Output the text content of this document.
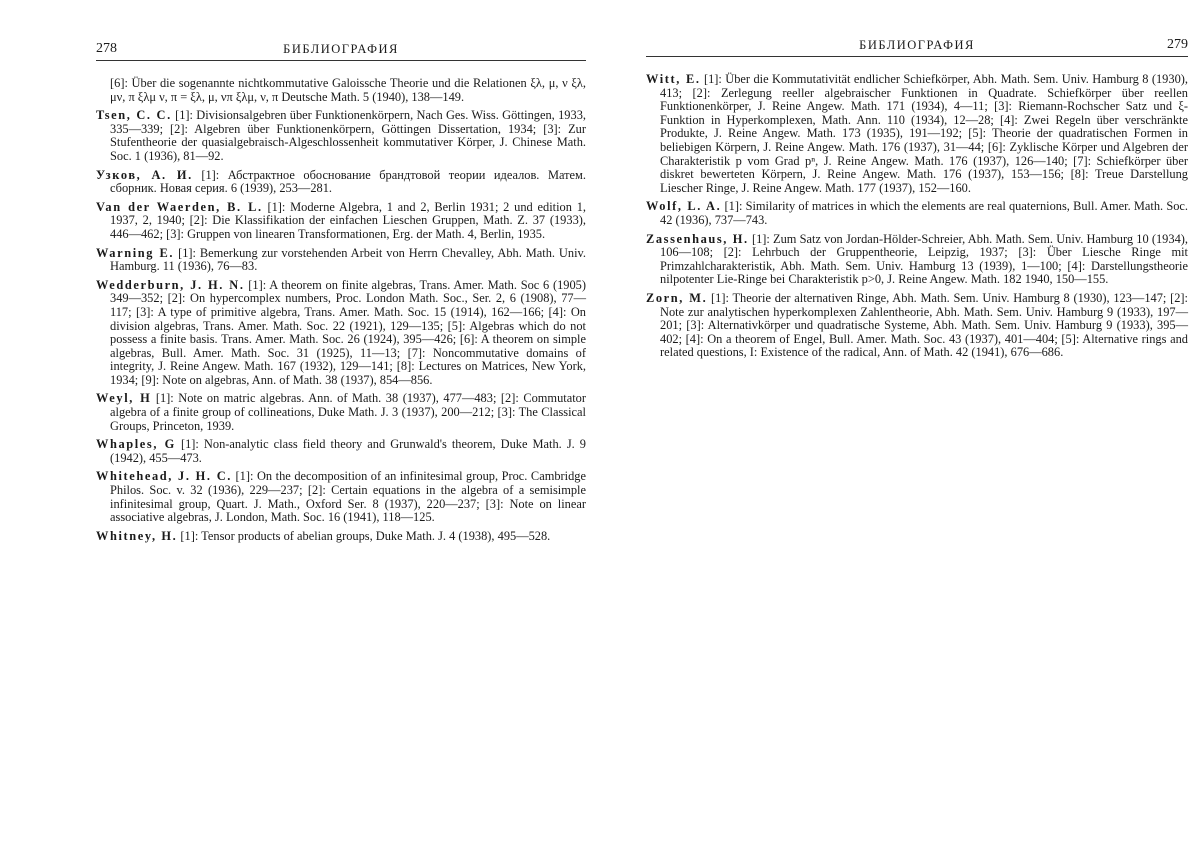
278	БИБЛИОГРАФИЯ

[6]: Über die sogenannte nichtkommutative Galoissche Theorie und die Relationen ξλ, μ, ν ξλ, μν, π ξλμ ν, π = ξλ, μ, νπ ξλμ, ν, π Deutsche Math. 5 (1940), 138—149.

Tsen, C. C. [1]: Divisionsalgebren über Funktionenkörpern, Nach Ges. Wiss. Göttingen, 1933, 335—339; [2]: Algebren über Funktionenkörpern, Göttingen Dissertation, 1934; [3]: Zur Stufentheorie der quasialgebraisch-Algeschlossenheit kommutativer Körper, J. Chinese Math. Soc. 1 (1936), 81—92.

Узков, А. И. [1]: Абстрактное обоснование брандтовой теории идеалов. Матем. сборник. Новая серия. 6 (1939), 253—281.

Van der Waerden, B. L. [1]: Moderne Algebra, 1 and 2, Berlin 1931; 2 und edition 1, 1937, 2, 1940; [2]: Die Klassifikation der einfachen Lieschen Gruppen, Math. Z. 37 (1933), 446—462; [3]: Gruppen von linearen Transformationen, Erg. der Math. 4, Berlin, 1935.

Warning E. [1]: Bemerkung zur vorstehenden Arbeit von Herrn Chevalley, Abh. Math. Univ. Hamburg. 11 (1936), 76—83.

Wedderburn, J. H. N. [1]: A theorem on finite algebras, Trans. Amer. Math. Soc 6 (1905) 349—352; [2]: On hypercomplex numbers, Proc. London Math. Soc., Ser. 2, 6 (1908), 77—117; [3]: A type of primitive algebra, Trans. Amer. Math. Soc. 15 (1914), 162—166; [4]: On division algebras, Trans. Amer. Math. Soc. 22 (1921), 129—135; [5]: Algebras which do not possess a finite basis. Trans. Amer. Math. Soc. 26 (1924), 395—426; [6]: A theorem on simple algebras, Bull. Amer. Math. Soc. 31 (1925), 11—13; [7]: Noncommutative domains of integrity, J. Reine Angew. Math. 167 (1932), 129—141; [8]: Lectures on Matrices, New York, 1934; [9]: Note on algebras, Ann. of Math. 38 (1937), 854—856.

Weyl, H [1]: Note on matric algebras. Ann. of Math. 38 (1937), 477—483; [2]: Commutator algebra of a finite group of collineations, Duke Math. J. 3 (1937), 200—212; [3]: The Classical Groups, Princeton, 1939.

Whaples, G [1]: Non-analytic class field theory and Grunwald's theorem, Duke Math. J. 9 (1942), 455—473.

Whitehead, J. H. C. [1]: On the decomposition of an infinitesimal group, Proc. Cambridge Philos. Soc. v. 32 (1936), 229—237; [2]: Certain equations in the algebra of a semisimple infinitesimal group, Quart. J. Math., Oxford Ser. 8 (1937), 220—237; [3]: Note on linear associative algebras, J. London, Math. Soc. 16 (1941), 118—125.

Whitney, H. [1]: Tensor products of abelian groups, Duke Math. J. 4 (1938), 495—528.

БИБЛИОГРАФИЯ	279

Witt, E. [1]: Über die Kommutativität endlicher Schiefkörper, Abh. Math. Sem. Univ. Hamburg 8 (1930), 413; [2]: Zerlegung reeller algebraischer Funktionen in Quadrate. Schiefkörper über reellen Funktionenkörper, J. Reine Angew. Math. 171 (1934), 4—11; [3]: Riemann-Rochscher Satz und ξ-Funktion in Hyperkomplexen, Math. Ann. 110 (1934), 12—28; [4]: Zwei Regeln über verschränkte Produkte, J. Reine Angew. Math. 173 (1935), 191—192; [5]: Theorie der quadratischen Formen in beliebigen Körpern, J. Reine Angew. Math. 176 (1937), 31—44; [6]: Zyklische Körper und Algebren der Charakteristik p vom Grad pⁿ, J. Reine Angew. Math. 176 (1937), 126—140; [7]: Schiefkörper über diskret bewerteten Körpern, J. Reine Angew. Math. 176 (1937), 153—156; [8]: Treue Darstellung Liescher Ringe, J. Reine Angew. Math. 177 (1937), 152—160.

Wolf, L. A. [1]: Similarity of matrices in which the elements are real quaternions, Bull. Amer. Math. Soc. 42 (1936), 737—743.

Zassenhaus, H. [1]: Zum Satz von Jordan-Hölder-Schreier, Abh. Math. Sem. Univ. Hamburg 10 (1934), 106—108; [2]: Lehrbuch der Gruppentheorie, Leipzig, 1937; [3]: Über Liesche Ringe mit Primzahlcharakteristik, Abh. Math. Sem. Univ. Hamburg 13 (1939), 1—100; [4]: Darstellungstheorie nilpotenter Lie-Ringe bei Charakteristik p>0, J. Reine Angew. Math. 182 1940, 150—155.

Zorn, M. [1]: Theorie der alternativen Ringe, Abh. Math. Sem. Univ. Hamburg 8 (1930), 123—147; [2]: Note zur analytischen hyperkomplexen Zahlentheorie, Abh. Math. Sem. Univ. Hamburg 9 (1933), 197—201; [3]: Alternativkörper und quadratische Systeme, Abh. Math. Sem. Univ. Hamburg 9 (1933), 395—402; [4]: On a theorem of Engel, Bull. Amer. Math. Soc. 43 (1937), 401—404; [5]: Alternative rings and related questions, I: Existence of the radical, Ann. of Math. 42 (1941), 676—686.
